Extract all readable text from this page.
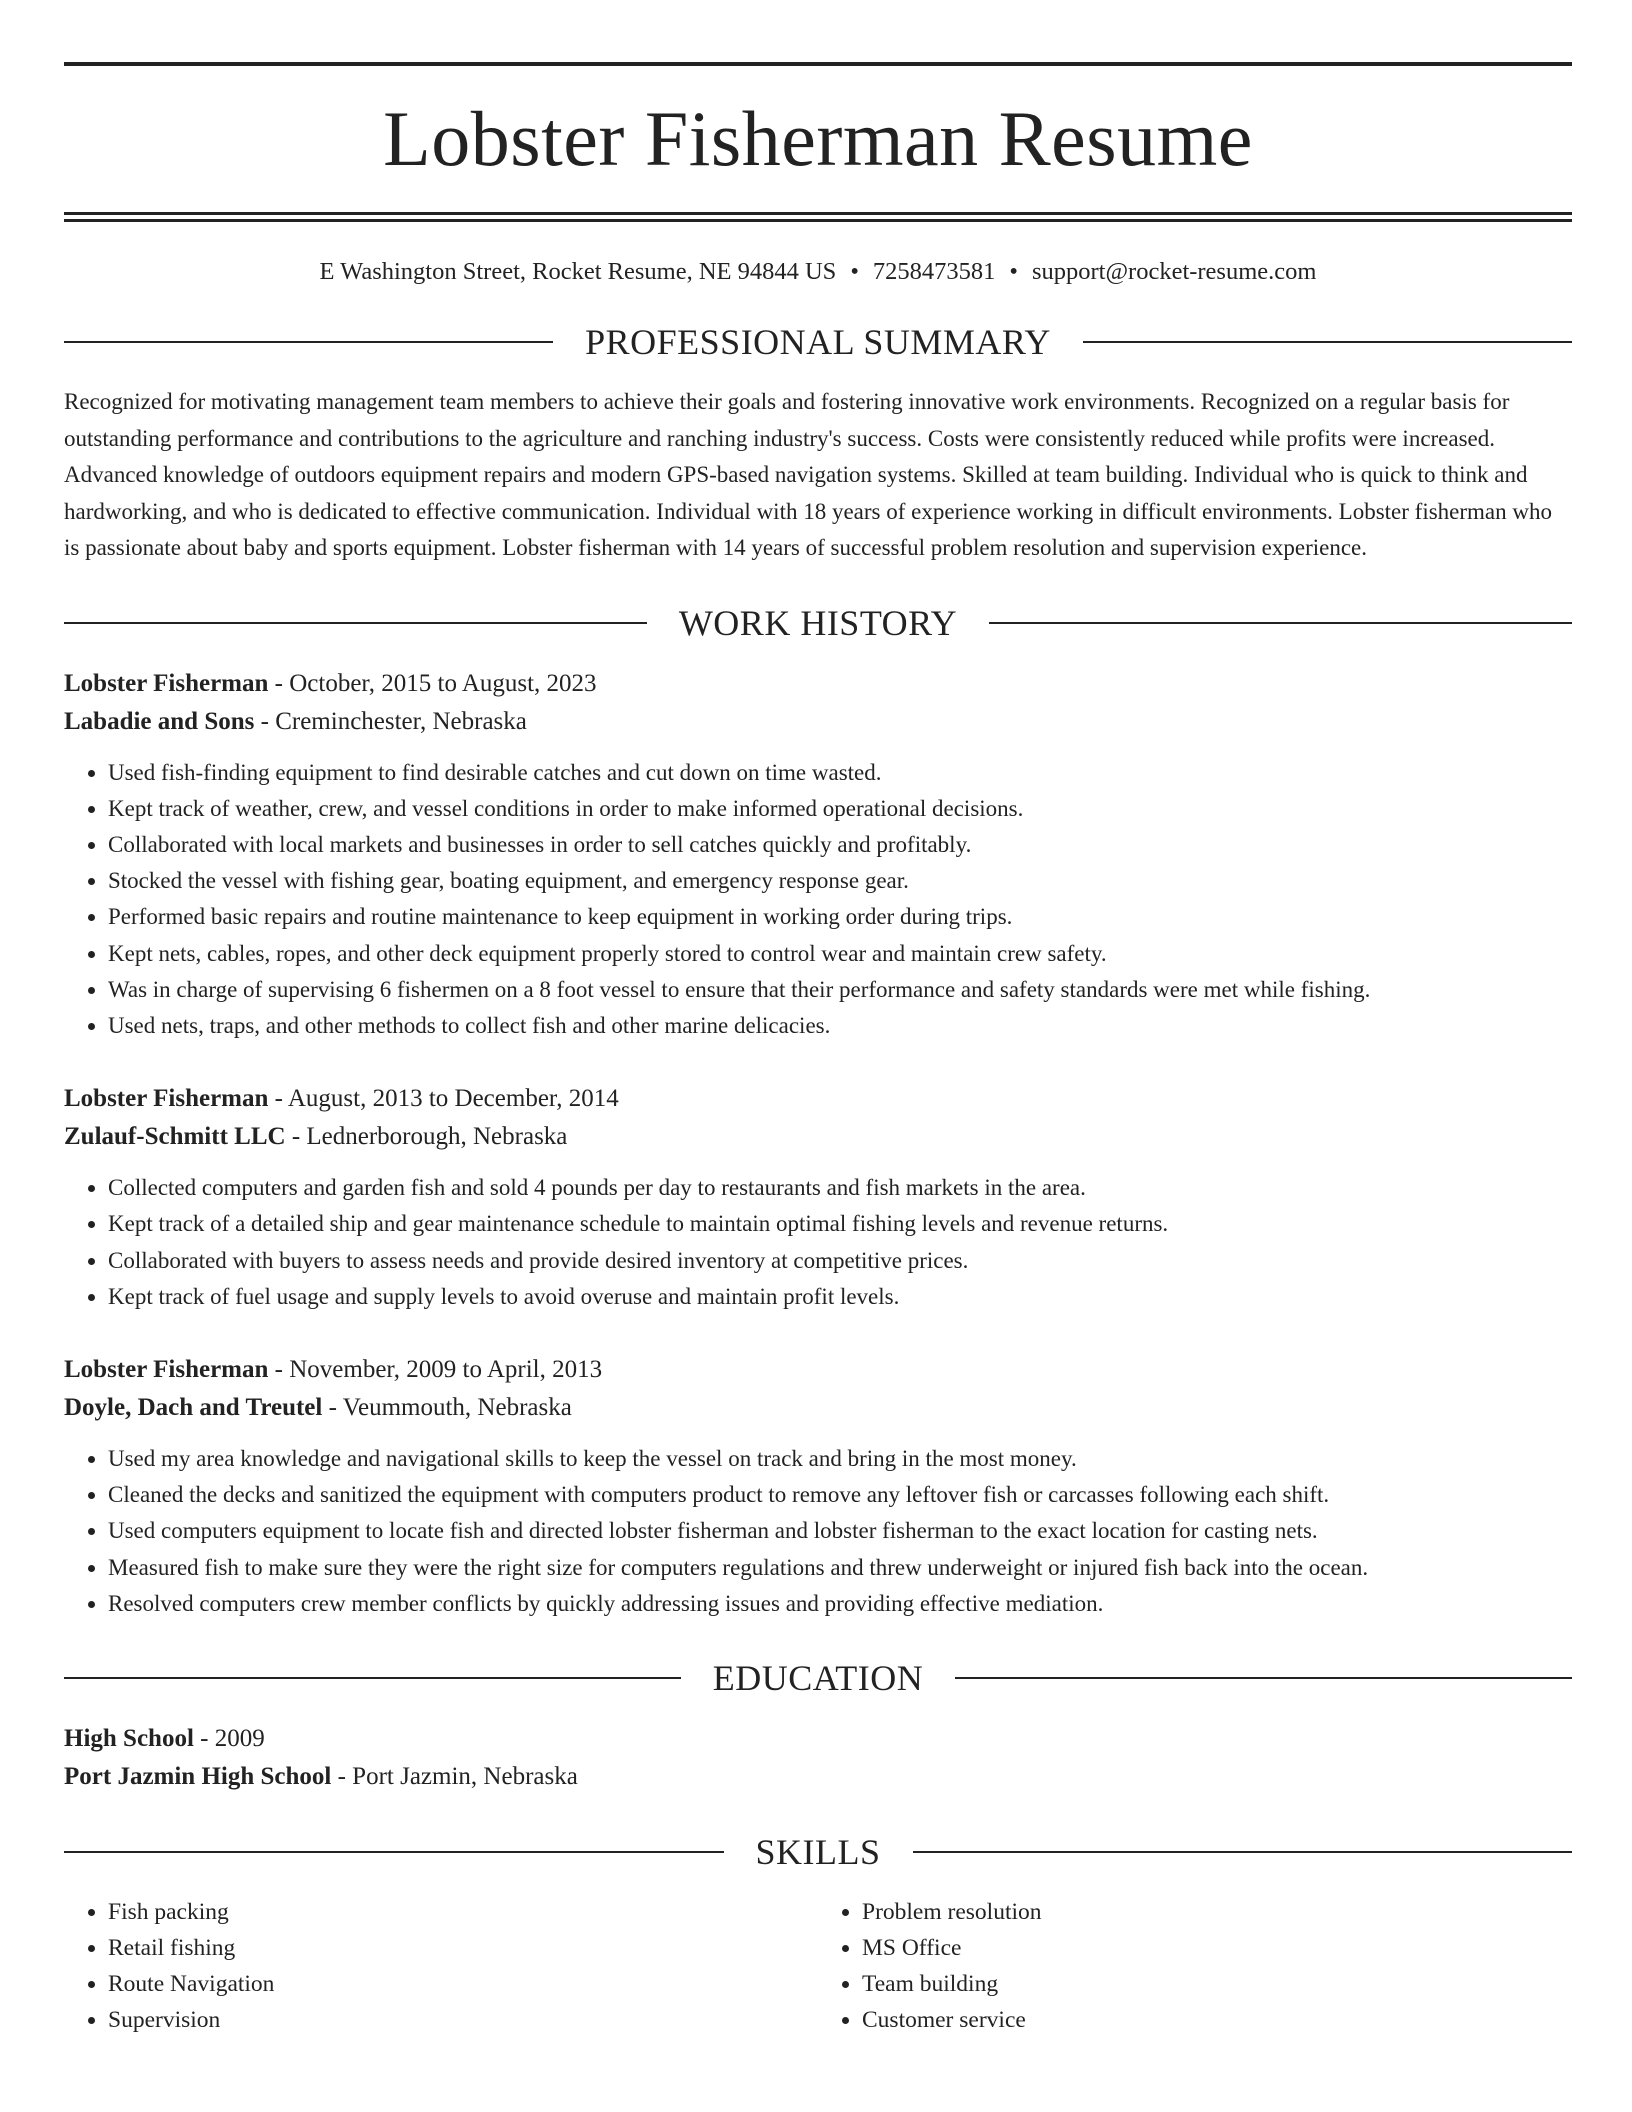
Lobster Fisherman Resume
E Washington Street, Rocket Resume, NE 94844 US • 7258473581 • support@rocket-resume.com
PROFESSIONAL SUMMARY

Recognized for motivating management team members to achieve their goals and fostering innovative work environments. Recognized on a regular basis for outstanding performance and contributions to the agriculture and ranching industry's success. Costs were consistently reduced while profits were increased. Advanced knowledge of outdoors equipment repairs and modern GPS-based navigation systems. Skilled at team building. Individual who is quick to think and hardworking, and who is dedicated to effective communication. Individual with 18 years of experience working in difficult environments. Lobster fisherman who is passionate about baby and sports equipment. Lobster fisherman with 14 years of successful problem resolution and supervision experience.

WORK HISTORY
Lobster Fisherman - October, 2015 to August, 2023
Labadie and Sons - Creminchester, Nebraska
• Used fish-finding equipment to find desirable catches and cut down on time wasted.
• Kept track of weather, crew, and vessel conditions in order to make informed operational decisions.
• Collaborated with local markets and businesses in order to sell catches quickly and profitably.
• Stocked the vessel with fishing gear, boating equipment, and emergency response gear.
• Performed basic repairs and routine maintenance to keep equipment in working order during trips.
• Kept nets, cables, ropes, and other deck equipment properly stored to control wear and maintain crew safety.
• Was in charge of supervising 6 fishermen on a 8 foot vessel to ensure that their performance and safety standards were met while fishing.
• Used nets, traps, and other methods to collect fish and other marine delicacies.
Lobster Fisherman - August, 2013 to December, 2014
Zulauf-Schmitt LLC - Lednerborough, Nebraska
• Collected computers and garden fish and sold 4 pounds per day to restaurants and fish markets in the area.
• Kept track of a detailed ship and gear maintenance schedule to maintain optimal fishing levels and revenue returns.
• Collaborated with buyers to assess needs and provide desired inventory at competitive prices.
• Kept track of fuel usage and supply levels to avoid overuse and maintain profit levels.
Lobster Fisherman - November, 2009 to April, 2013
Doyle, Dach and Treutel - Veummouth, Nebraska
• Used my area knowledge and navigational skills to keep the vessel on track and bring in the most money.
• Cleaned the decks and sanitized the equipment with computers product to remove any leftover fish or carcasses following each shift.
• Used computers equipment to locate fish and directed lobster fisherman and lobster fisherman to the exact location for casting nets.
• Measured fish to make sure they were the right size for computers regulations and threw underweight or injured fish back into the ocean.
• Resolved computers crew member conflicts by quickly addressing issues and providing effective mediation.
EDUCATION
High School - 2009
Port Jazmin High School - Port Jazmin, Nebraska
SKILLS
• Fish packing
• Retail fishing
• Route Navigation
• Supervision
• Problem resolution
• MS Office
• Team building
• Customer service
